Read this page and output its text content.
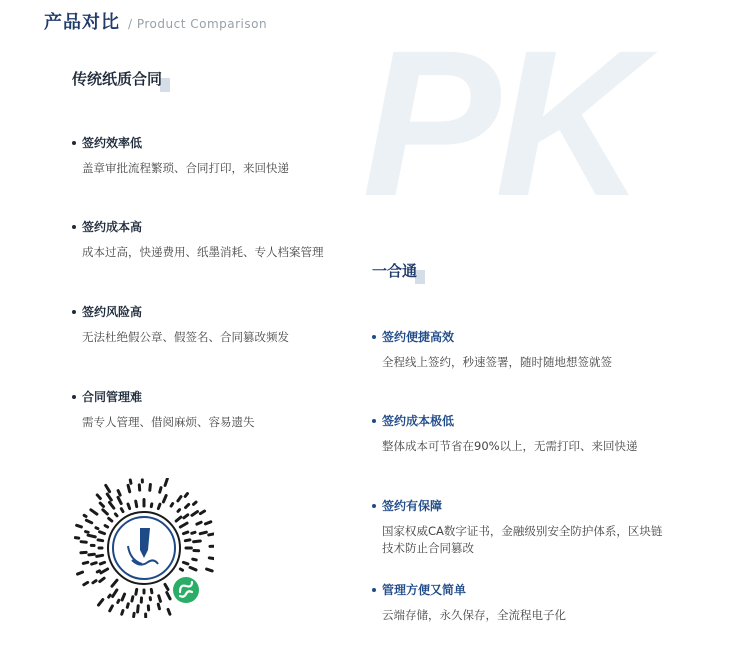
产品对比 / Product Comparison PK
传统纸质合同
签约效率低
盖章审批流程繁琐、合同打印，来回快递
签约成本高
成本过高，快递费用、纸墨消耗、专人档案管理
签约风险高
无法杜绝假公章、假签名、合同篡改频发
合同管理难
需专人管理、借阅麻烦、容易遗失
一合通
签约便捷高效
全程线上签约，秒速签署，随时随地想签就签
签约成本极低
整体成本可节省在90%以上，无需打印、来回快递
签约有保障
国家权威CA数字证书，金融级别安全防护体系，区块链技术防止合同篡改
管理方便又简单
云端存储，永久保存，全流程电子化
